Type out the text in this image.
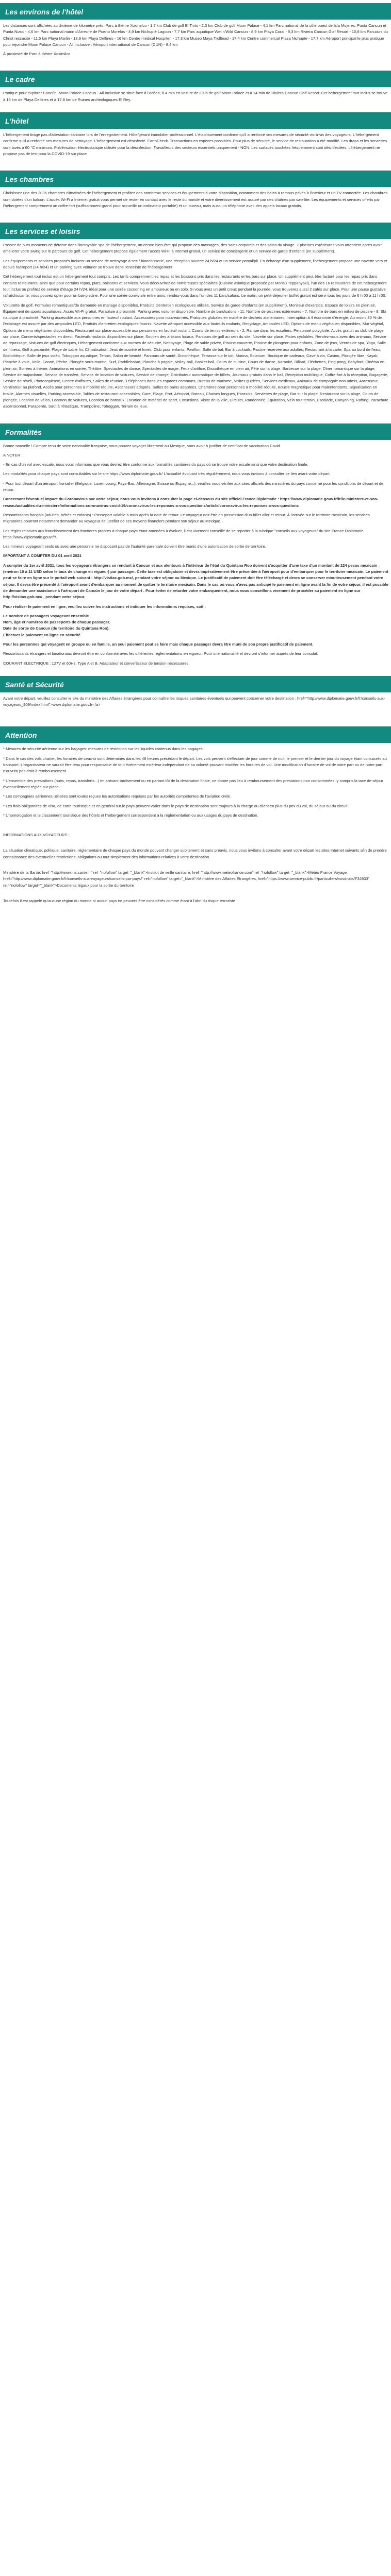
Les environs de l'hôtel

Les distances sont affichées au dixième de kilomètre près. Parc à thème Xoximilco - 1,7 km Club de golf El Tinto - 2,3 km Club de golf Moon Palace - 4,1 km Parc national de la côte ouest de Isla Mujeres, Punta Cancun et Punta Nizuc - 4,6 km Parc national marin d'Arrecife de Puerto Morelos - 4,9 km Nichupté Lagoon - 7,7 km Parc aquatique Wet n'Wild Cancun - 8,9 km Playa Coral - 9,3 km Riviera Cancun Golf Resort - 10,8 km Parcours du Christ rescucité - 11,5 km Playa Marlin - 13,9 km Playa Delfines - 16 km Centre médical Hospiten - 17,3 km Museo Maya Trolltead - 17,4 km Centre commercial Plaza Nichupte - 17,7 km Aéroport principal le plus pratique pour rejoindre Moon Palace Cancun - All Inclusive : Aéroport international de Cancun (CUN) - 8,4 km

À proximité de Parc à thème Xoximilco

Le cadre

Pratique pour explorer Cancún, Moon Palace Cancun - All Inclusive se situe face à l'océan, à 4 min en voiture de Club de golf Moon Palace et à 14 min de Riviera Cancun Golf Resort. Cet hébergement tout inclus se trouve à 16 km de Playa Delfines et à 17,8 km de Ruines archéologiques El Rey.

L'hôtel

L'hébergement tirage pas d'attestation sanitaire lors de l'enregistrement. Hôte/gérant immobilier professionnel. L'établissement confirme qu'il a renforcé ses mesures de sécurité vis-à-vis des voyageurs. L'hébergement confirme qu'il a renforcé ses mesures de nettoyage. L'hébergement est désinfecté. EarthCheck. Transactions en espèces possibles. Pour plus de sécurité, le service de restauration a été modifié. Les draps et les serviettes sont lavés à 60 °C minimum. Pulvérisation électrostatique utilisée pour la désinfection. Travailleurs des secteurs essentiels uniquement - NON. Les surfaces touchées fréquemment sont désinfectées. L'hébergement ne propose pas de test pour la COVID-19 sur place

Les chambres

Choisissez une des 2036 chambres climatisées de l'hébergement et profitez des nombreux services et équipements à votre disposition, notamment des bains à remous privés à l'intérieur et un TV connectée. Les chambres sont dotées d'un balcon. L'accès Wi-Fi à Internet gratuit vous permet de rester en contact avec le reste du monde et votre divertissement est assuré par des chaînes par satellite. Les équipements et services offerts par l'hébergement comprennent un coffre-fort (suffisamment grand pour accueillir un ordinateur portable) et un bureau, mais aussi un téléphone avec des appels locaux gratuits.

Les services et loisirs

Passez de purs moments de détente dans l'incroyable spa de l'hébergement, un centre bien-être qui propose des massages, des soins corporels et des soins du visage. 7 piscines extérieures vous attendent après avoir améliorer votre swing sur le parcours de golf. Cet hébergement propose également l'accès Wi-Fi à Internet gratuit, un service de conciergerie et un service de garde d'enfants (en supplément).

Les équipements et services proposés incluent un service de nettoyage à sec / blanchisserie, une réception ouverte 24 h/24 et un service postal/pli. En échange d'un supplément, l'hébergement propose une navette vers et depuis l'aéroport (24 h/24) et un parking avec voiturier se trouve dans l'enceinte de l'hébergement.

Cet hébergement tout inclus est un hébergement tout compris. Les tarifs comprennent les repas et les boissons pris dans les restaurants et les bars sur place. Un supplément peut être facturé pour les repas pris dans certains restaurants, ainsi que pour certains repas, plats, boissons et services. Vous découvrirez de nombreuses spécialités (Cuisine asiatique proposée par Monsú Teppanyaki), l'un des 16 restaurants de cet hébergement tout inclus ou profitez de service d'étage 24 h/24, idéal pour une soirée cocooning en amoureux ou en solo. Si vous avez un petit creux pendant la journée, vous trouverez aussi 2 cafés sur place. Pour une pause gustative rafraîchissante, vous pouvez opter pour un bar-piscine. Pour une soirée conviviale entre amis, rendez-vous dans l'un des 11 bars/salons. Le matin, un petit-déjeuner buffet gratuit est servi tous les jours de 6 h 00 à 11 h 00.

Voiturette de golf, Formules romantiques/de demande en mariage disponibles, Produits d'entretien écologiques utilisés, Service de garde d'enfants (en supplément), Moniteur d'exercice, Espace de loisirs en plein air, Équipement de sports aquatiques, Accès Wi-Fi gratuit, Parapluie à proximité, Parking avec voiturier disponible, Nombre de bars/salons - 11, Nombre de piscines extérieures - 7, Nombre de bars en milieu de piscine - 9, Ski nautique à proximité, Parking accessible aux personnes en fauteuil roulant, Accessoires pour nouveau-nés, Pratiques globales en matière de déchets alimentaires, Interruption à 4 économie d'énergie, Au moins 80 % de l'éclairage est assuré par des ampoules LED, Produits d'entretien écologiques fournis, Navette aéroport accessible aux fauteuils roulants, Recyclage, Ampoules LED, Options de menu végétalien disponibles, Mur végétal, Options de menu végétarien disponibles, Restaurant sur place accessible aux personnes en fauteuil roulant, Courts de tennis extérieurs - 2, Rampe dans les escaliers, Personnel polyglotte, Accès gratuit au club de plage sur place, Concerts/spectacles en direct, Fauteuils roulants disponibles sur place, Soutien des artisans locaux, Parcours de golf au sein du site, Navette sur place, Pistes cyclables, Rendez-vous avec des animaux, Service de repassage, Voitures de golf électriques, Hébergement conforme aux normes de sécurité, Nettoyage, Plage de sable privée, Piscine couverte, Piscine de plongeon pour enfants, Zone de jeux, Ventes de spa, Yoga, Salle de fitness, Golf à proximité, Plage de sable fin, Climatisation, Jeux de société et livres, Club pour enfants, Pavillon, Salle de bal, Bar à cocktails, Piscine réservée aux adultes, Restaurant à la carte, Spa au bord de l'eau, Bibliothèque, Salle de jeux vidéo, Toboggan aquatique, Tennis, Salon de beauté, Parcours de santé, Discothèque, Terrasse sur le toit, Marina, Solarium, Boutique de cadeaux, Cave à vin, Casino, Plongée libre, Kayak, Planche à voile, Voile, Canoë, Pêche, Plongée sous-marine, Surf, Paddleboard, Planche à pagaie, Volley-ball, Basket-ball, Cours de cuisine, Cours de danse, Karaoké, Billard, Fléchettes, Ping-pong, Babyfoot, Cinéma en plein air, Soirées à thème, Animations en soirée, Théâtre, Spectacles de danse, Spectacles de magie, Feux d'artifice, Discothèque en plein air, Fête sur la plage, Barbecue sur la plage, Dîner romantique sur la plage, Service de majordome, Service de transfert, Service de location de voitures, Service de change, Distributeur automatique de billets, Journaux gratuits dans le hall, Réception multilingue, Coffre-fort à la réception, Bagagerie, Service de réveil, Photocopieuse, Centre d'affaires, Salles de réunion, Téléphones dans les espaces communs, Bureau de tourisme, Visites guidées, Services médicaux, Animaux de compagnie non admis, Ascenseur, Ventilateur au plafond, Accès pour personnes à mobilité réduite, Ascenseurs adaptés, Salles de bains adaptées, Chambres pour personnes à mobilité réduite, Boucle magnétique pour malentendants, Signalisation en braille, Alarmes visuelles, Parking accessible, Tables de restaurant accessibles, Gare, Plage, Port, Aéroport, Bateau, Chaises longues, Parasols, Serviettes de plage, Bar sur la plage, Restaurant sur la plage, Cours de plongée, Location de vélos, Location de voitures, Location de bateaux, Location de matériel de sport, Excursions, Visite de la ville, Circuits, Randonnée, Équitation, Vélo tout terrain, Escalade, Canyoning, Rafting, Parachute ascensionnel, Parapente, Saut à l'élastique, Trampoline, Toboggan, Terrain de jeux.

Formalités

Bonne nouvelle ! Compte tenu de votre nationalité française, vous pouvez voyager librement au Mexique, sans avoir à justifier de certificat de vaccination Covid.

A NOTER :

- En cas d'un vol avec escale, nous vous informons que vous devrez être conforme aux formalités sanitaires du pays où se trouve votre escale ainsi que votre destination finale.

Les modalités pour chaque pays sont consultables sur le site https://www.diplomatie.gouv.fr/ L'actualité évoluant très régulièrement, nous vous invitons à consulter ce lien avant votre départ.

- Pour tout départ d'un aéroport frontalier (Belgique, Luxembourg, Pays-Bas, Allemagne, Suisse ou Espagne...), veuillez nous vérifier aux sites officiels des ministères du pays concerné pour les conditions de départ et de retour.

Concernant l'éventuel impact du Coronavirus sur votre séjour, nous vous invitons à consulter la page ci-dessous du site officiel France Diplomatie : https://www.diplomatie.gouv.fr/fr/le-ministere-et-son-reseau/actualites-du-ministere/informations-coronavirus-covid-19/coronavirus-les-reponses-a-vos-questions/article/coronavirus-les-reponses-a-vos-questions

Ressortissants français (adultes, bébés et enfants) : Passeport valable 6 mois après la date de retour. Le voyageur doit être en possession d'un billet aller et retour. À l'arrivée sur le territoire mexicain, les services migratoires pourront notamment demander au voyageur de justifier de ses moyens financiers pendant son séjour au Mexique.

Les règles relatives aux franchissement des frontières propres à chaque pays étant amenées à évoluer, il est vivement conseillé de se reporter à la rubrique "conseils aux voyageurs" du site France Diplomatie, https://www.diplomatie.gouv.fr/.

Les mineurs voyageant seuls ou avec une personne ne disposant pas de l'autorité parentale doivent être munis d'une autorisation de sortie de territoire.

IMPORTANT A COMPTER DU 01 avril 2021

A compter du 1er avril 2021, tous les voyageurs étrangers se rendant à Cancun et aux alentours à l'intérieur de l'état du Quintana Roo doivent s'acquitter d'une taxe d'un montant de 224 pesos mexicain (environ 10 à 11 USD selon le taux de change en vigueur) par passager. Cette taxe est obligatoire et devra impérativement être présentée à l'aéroport pour d'embarquer pour le territoire mexicain. Le paiement peut se faire en ligne sur le portail web suivant : http://visitax.gob.mx/, pendant votre séjour au Mexique. Le justificatif de paiement doit être téléchargé et devra se conserver minutieusement pendant votre séjour. Il devra être présenté à l'aéroport avant d'embarquer au moment de quitter le territoire mexicain. Dans le cas où vous n'avez pas anticipé le paiement en ligne avant la fin de votre séjour, il est possible de demander une assistance à l'aéroport de Cancún le jour de votre départ . Pour éviter de retarder votre embarquement, nous vous conseillons vivement de procéder au paiement en ligne sur http://visitax.gob.mx/ , pendant votre séjour.

Pour réaliser le paiement en ligne, veuillez suivre les instructions et indiquer les informations requises, soit :

Le nombre de passagers voyageant ensemble
Nom, âge et numéros de passeports de chaque passager.
Date de sortie de Cancun (du territoire du Quintana Roo).
Effectuer le paiement en ligne en sécurité

Pour les personnes qui voyagent en groupe ou en famille, un seul paiement peut se faire mais chaque passager devra être muni de son propre justificatif de paiement.

Ressortissants étrangers et binationaux devront être en conformité avec les différentes réglementations en vigueur. Pour une nationalité et devront s'informer auprès de leur consulat.

COURANT ELECTRIQUE : 127V et 60Hz. Type A et B. Adaptateur et convertisseur de tension nécessaires.

Santé et Sécurité

Avant votre départ, veuillez consulter le site du ministère des Affaires étrangères pour connaître les risques sanitaires éventuels qui peuvent concerner votre destination : href="http://www.diplomatie.gouv.fr/fr/conseils-aux-voyageurs_909/index.html">www.diplomatie.gouv.fr</a>

Attention

* Mesures de sécurité aérienne sur les bagages: mesures de restriction sur les liquides contenus dans les bagages.

* Dans le cas des vols charter, les horaires de ceux-ci sont déterminés dans les 48 heures précédant le départ. Les vols peuvent s'effectuer de jour comme de nuit, le premier et le dernier jour du voyage étant consacrés au transport. L'organisateur ne saurait être tenu pour responsable de tout événement extérieur indépendant de sa volonté pouvant modifier les horaires de vol. Une modification d'horaire de vol de votre part ou de notre part, n'ouvrira pas droit à remboursement.

* L'ensemble des prestations (nuits, repas, transferts...) en arrivant tardivement ou en partant tôt de la destination finale, ne donne pas lieu à remboursement des prestations non consommées, y compris la taxe de séjour éventuellement réglée sur place.

* Les compagnies aériennes utilisées sont toutes reçues les autorisations requises par les autorités compétentes de l'aviation civile.

* Les frais obligatoires de visa, de carte touristique et en général sur le pays peuvent varier dans le pays de destination sont toujours à la charge du client en plus du prix du vol, du séjour ou du circuit.

* L'homologation et le classement touristique des hôtels et l'hébergement correspondent à la réglementation ou aux usages du pays de destination.

INFORMATIONS AUX VOYAGEURS :

La situation climatique, politique, sanitaire, réglementaire de chaque pays du monde pouvant changer subitement et sans préavis, nous vous invitons à consulter avant votre départ les sites Internet suivants afin de prendre connaissance des éventuelles restrictions, obligations ou tout simplement des informations relatives à votre destination.

Ministère de la Santé: href="http://www.ins.sante.fr" rel="nofollow" target="_blank">Institut de veille sanitaire, href="http://www.meteofrance.com" rel="nofollow" target="_blank">Météo France Voyage, href="http://www.diplomatie.gouv.fr/fr/conseils-aux-voyageurs/conseils-par-pays/" rel="nofollow" target="_blank">Ministère des Affaires Étrangères, href="https://www.service-public.fr/particuliers/vosdroits/F32833" rel="nofollow" target="_blank">Documents légaux pour la sortie du territoire

Toutefois il est rappelé qu'aucune région du monde ni aucun pays ne peuvent être considérés comme étant à l'abri du risque terroriste
